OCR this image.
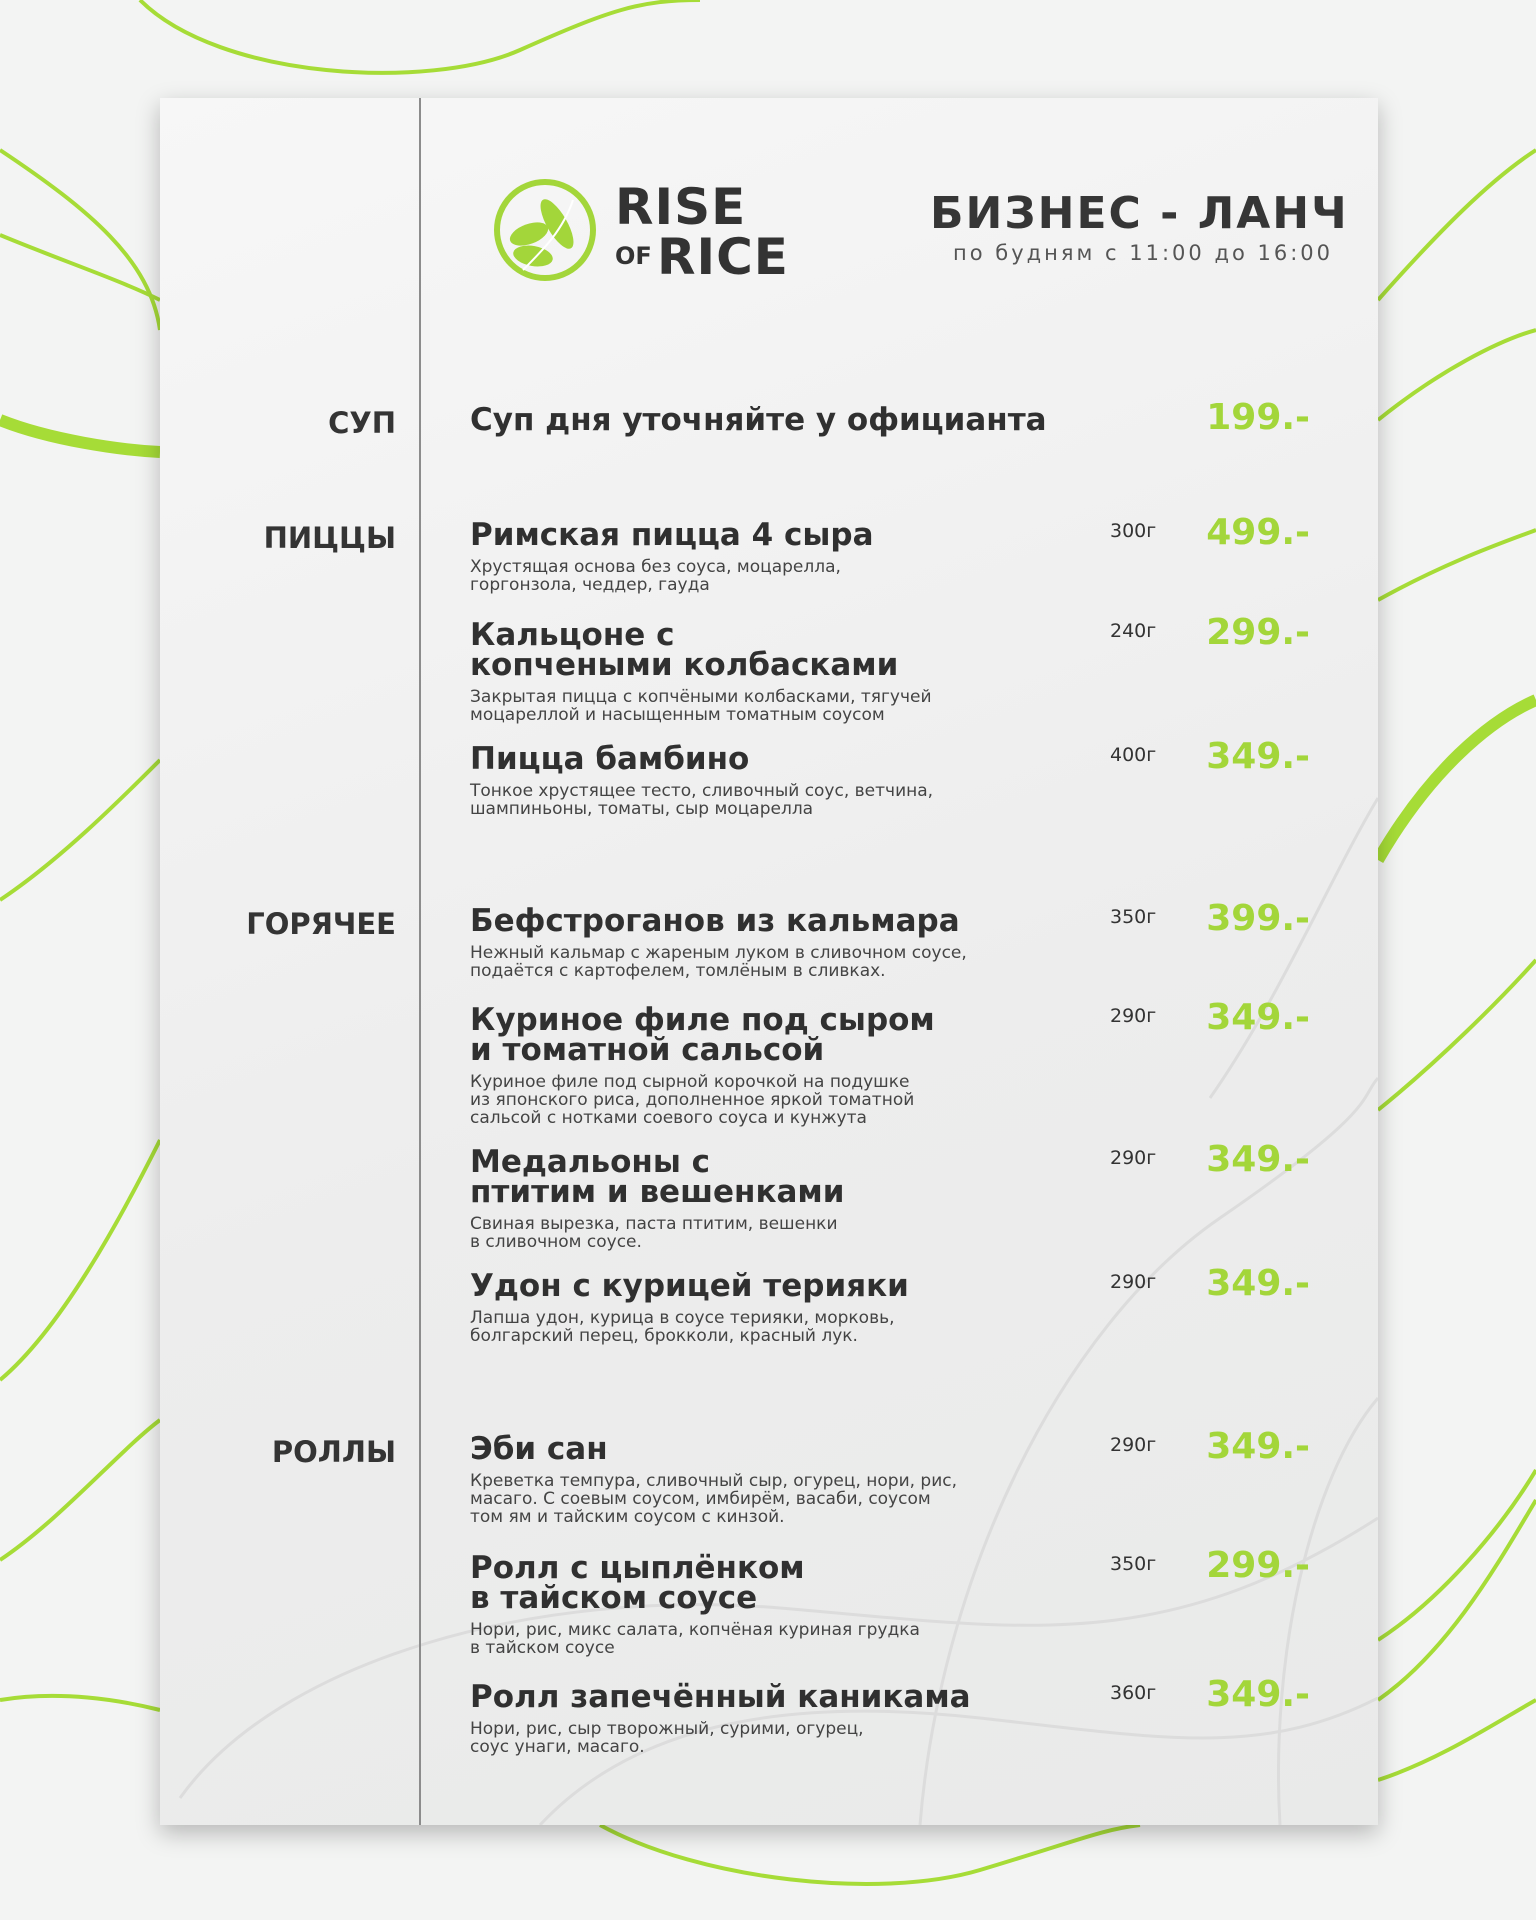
RISE
OF RICE
БИЗНЕС - ЛАНЧ
по будням с 11:00 до 16:00
СУП
ПИЦЦЫ
ГОРЯЧЕЕ
РОЛЛЫ
Суп дня уточняйте у официанта	199.-
Римская пицца 4 сыра
Хрустящая основа без соуса, моцарелла,
горгонзола, чеддер, гауда
300г 499.-
Кальцоне с
копчеными колбасками
Закрытая пицца с копчёными колбасками, тягучей
моцареллой и насыщенным томатным соусом
240г 299.-
Пицца бамбино
Тонкое хрустящее тесто, сливочный соус, ветчина,
шампиньоны, томаты, сыр моцарелла
400г 349.-
Бефстроганов из кальмара
Нежный кальмар с жареным луком в сливочном соусе,
подаётся с картофелем, томлёным в сливках.
350г 399.-
Куриное филе под сыром
и томатной сальсой
Куриное филе под сырной корочкой на подушке
из японского риса, дополненное яркой томатной
сальсой с нотками соевого соуса и кунжута
290г 349.-
Медальоны с
птитим и вешенками
Свиная вырезка, паста птитим, вешенки
в сливочном соусе.
290г 349.-
Удон с курицей терияки
Лапша удон, курица в соусе терияки, морковь,
болгарский перец, брокколи, красный лук.
290г 349.-
Эби сан
Креветка темпура, сливочный сыр, огурец, нори, рис,
масаго. С соевым соусом, имбирём, васаби, соусом
том ям и тайским соусом с кинзой.
290г 349.-
Ролл с цыплёнком
в тайском соусе
Нори, рис, микс салата, копчёная куриная грудка
в тайском соусе
350г 299.-
Ролл запечённый каникама
Нори, рис, сыр творожный, сурими, огурец,
соус унаги, масаго.
360г 349.-
